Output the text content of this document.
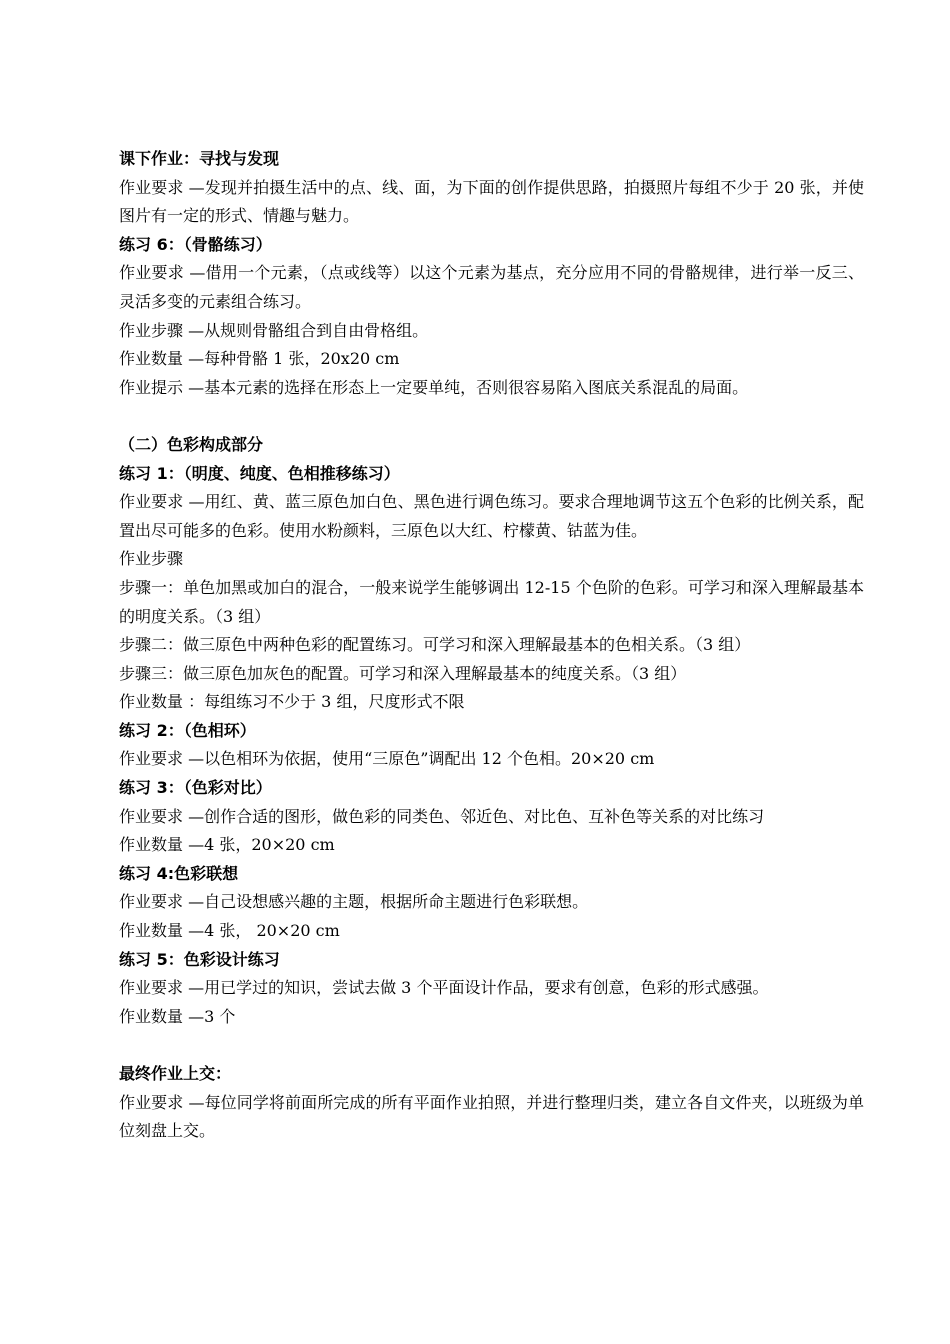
课下作业：寻找与发现
作业要求 —发现并拍摄生活中的点、线、面，为下面的创作提供思路，拍摄照片每组不少于 20 张，并使图片有一定的形式、情趣与魅力。
练习 6：（骨骼练习）
作业要求 —借用一个元素，（点或线等）以这个元素为基点，充分应用不同的骨骼规律，进行举一反三、灵活多变的元素组合练习。
作业步骤 —从规则骨骼组合到自由骨格组。
作业数量 —每种骨骼 1 张，20x20 cm
作业提示 —基本元素的选择在形态上一定要单纯，否则很容易陷入图底关系混乱的局面。
（二）色彩构成部分
练习 1：（明度、纯度、色相推移练习）
作业要求 —用红、黄、蓝三原色加白色、黑色进行调色练习。要求合理地调节这五个色彩的比例关系，配置出尽可能多的色彩。使用水粉颜料，三原色以大红、柠檬黄、钴蓝为佳。
作业步骤
步骤一：单色加黑或加白的混合，一般来说学生能够调出 12-15 个色阶的色彩。可学习和深入理解最基本的明度关系。（3 组）
步骤二：做三原色中两种色彩的配置练习。可学习和深入理解最基本的色相关系。（3 组）
步骤三：做三原色加灰色的配置。可学习和深入理解最基本的纯度关系。（3 组）
作业数量 ：每组练习不少于 3 组，尺度形式不限
练习 2：（色相环）
作业要求 —以色相环为依据，使用“三原色”调配出 12 个色相。20×20 cm
练习 3：（色彩对比）
作业要求 —创作合适的图形，做色彩的同类色、邻近色、对比色、互补色等关系的对比练习
作业数量 —4 张，20×20 cm
练习 4:色彩联想
作业要求 —自己设想感兴趣的主题，根据所命主题进行色彩联想。
作业数量 —4 张， 20×20 cm
练习 5：色彩设计练习
作业要求 —用已学过的知识，尝试去做 3 个平面设计作品，要求有创意，色彩的形式感强。
作业数量 —3 个
最终作业上交：
作业要求 —每位同学将前面所完成的所有平面作业拍照，并进行整理归类，建立各自文件夹，以班级为单位刻盘上交。
